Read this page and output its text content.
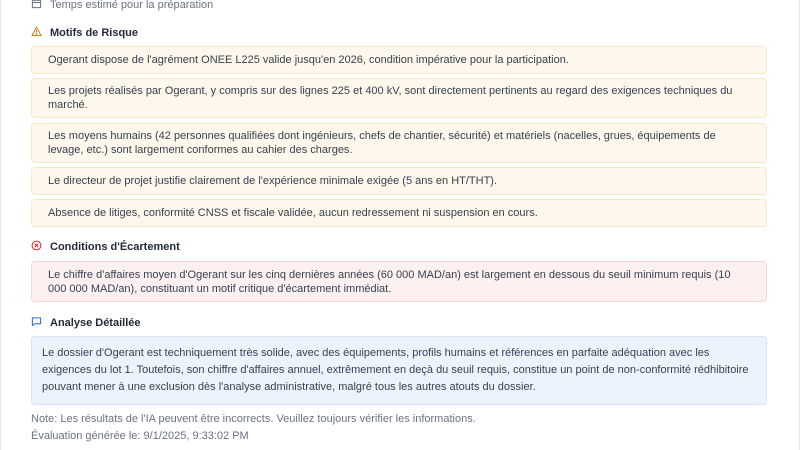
Temps estimé pour la préparation
Motifs de Risque
Ogerant dispose de l'agrément ONEE L225 valide jusqu'en 2026, condition impérative pour la participation.
Les projets réalisés par Ogerant, y compris sur des lignes 225 et 400 kV, sont directement pertinents au regard des exigences techniques du marché.
Les moyens humains (42 personnes qualifiées dont ingénieurs, chefs de chantier, sécurité) et matériels (nacelles, grues, équipements de levage, etc.) sont largement conformes au cahier des charges.
Le directeur de projet justifie clairement de l'expérience minimale exigée (5 ans en HT/THT).
Absence de litiges, conformité CNSS et fiscale validée, aucun redressement ni suspension en cours.
Conditions d'Écartement
Le chiffre d'affaires moyen d'Ogerant sur les cinq dernières années (60 000 MAD/an) est largement en dessous du seuil minimum requis (10 000 000 MAD/an), constituant un motif critique d'écartement immédiat.
Analyse Détaillée
Le dossier d'Ogerant est techniquement très solide, avec des équipements, profils humains et références en parfaite adéquation avec les exigences du lot 1. Toutefois, son chiffre d'affaires annuel, extrêmement en deçà du seuil requis, constitue un point de non-conformité rédhibitoire pouvant mener à une exclusion dès l'analyse administrative, malgré tous les autres atouts du dossier.
Note: Les résultats de l'IA peuvent être incorrects. Veuillez toujours vérifier les informations.
Évaluation générée le: 9/1/2025, 9:33:02 PM
